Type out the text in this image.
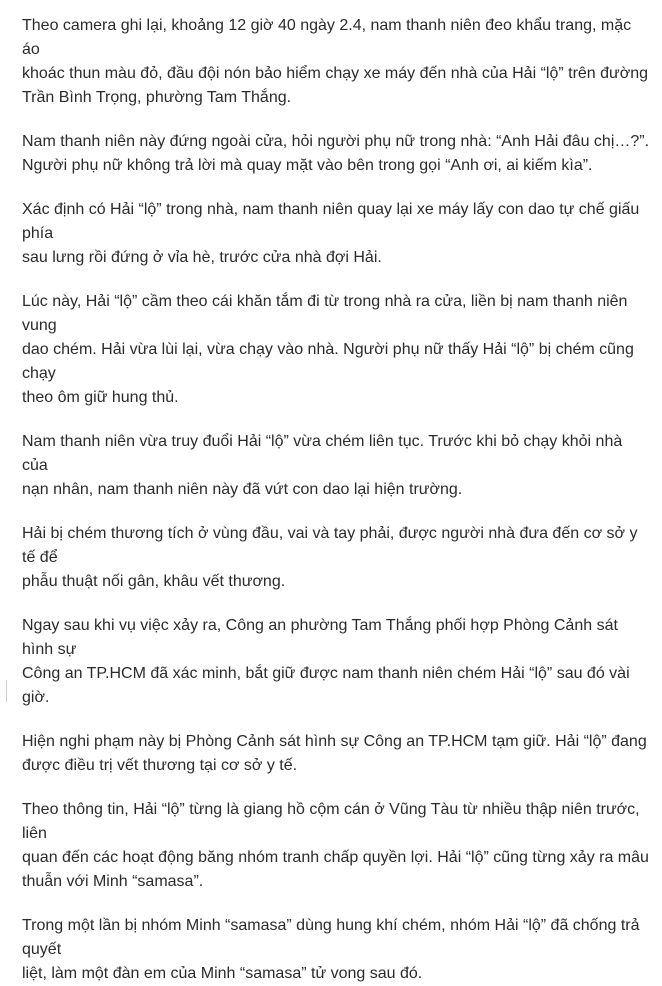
Theo camera ghi lại, khoảng 12 giờ 40 ngày 2.4, nam thanh niên đeo khẩu trang, mặc áo
khoác thun màu đỏ, đầu đội nón bảo hiểm chạy xe máy đến nhà của Hải “lộ” trên đường
Trần Bình Trọng, phường Tam Thắng.

Nam thanh niên này đứng ngoài cửa, hỏi người phụ nữ trong nhà: “Anh Hải đâu chị…?”.
Người phụ nữ không trả lời mà quay mặt vào bên trong gọi “Anh ơi, ai kiếm kìa”.

Xác định có Hải “lộ” trong nhà, nam thanh niên quay lại xe máy lấy con dao tự chế giấu phía
sau lưng rồi đứng ở vỉa hè, trước cửa nhà đợi Hải.

Lúc này, Hải “lộ” cầm theo cái khăn tắm đi từ trong nhà ra cửa, liền bị nam thanh niên vung
dao chém. Hải vừa lùi lại, vừa chạy vào nhà. Người phụ nữ thấy Hải “lộ” bị chém cũng chạy
theo ôm giữ hung thủ.

Nam thanh niên vừa truy đuổi Hải “lộ” vừa chém liên tục. Trước khi bỏ chạy khỏi nhà của
nạn nhân, nam thanh niên này đã vứt con dao lại hiện trường.

Hải bị chém thương tích ở vùng đầu, vai và tay phải, được người nhà đưa đến cơ sở y tế để
phẫu thuật nối gân, khâu vết thương.

Ngay sau khi vụ việc xảy ra, Công an phường Tam Thắng phối hợp Phòng Cảnh sát hình sự
Công an TP.HCM đã xác minh, bắt giữ được nam thanh niên chém Hải “lộ” sau đó vài giờ.

Hiện nghi phạm này bị Phòng Cảnh sát hình sự Công an TP.HCM tạm giữ. Hải “lộ” đang
được điều trị vết thương tại cơ sở y tế.

Theo thông tin, Hải “lộ” từng là giang hồ cộm cán ở Vũng Tàu từ nhiều thập niên trước, liên
quan đến các hoạt động băng nhóm tranh chấp quyền lợi. Hải “lộ” cũng từng xảy ra mâu
thuẫn với Minh “samasa”.

Trong một lần bị nhóm Minh “samasa” dùng hung khí chém, nhóm Hải “lộ” đã chống trả quyết
liệt, làm một đàn em của Minh “samasa” tử vong sau đó.
